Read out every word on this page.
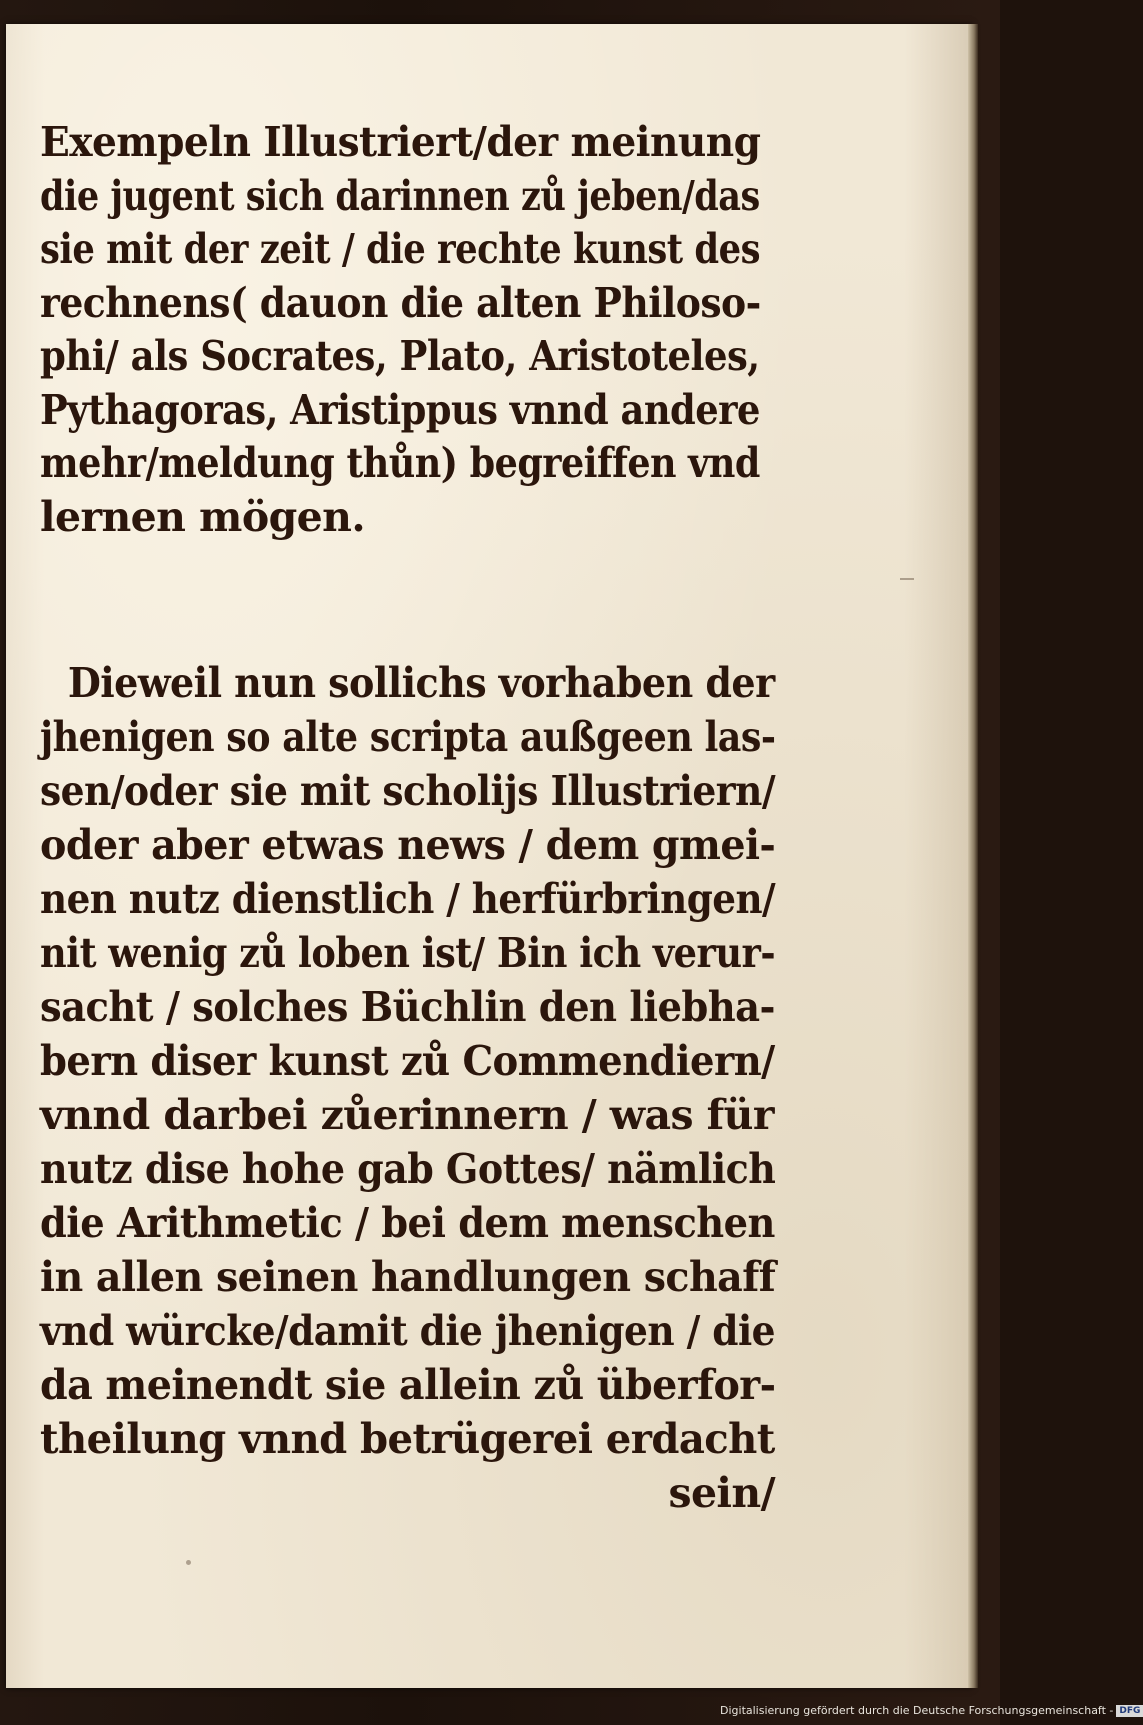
Exempeln Illustriert/der meinung
die jugent sich darinnen zů jeben/das
sie mit der zeit / die rechte kunst des
rechnens( dauon die alten Philoso-
phi/ als Socrates, Plato, Aristoteles,
Pythagoras, Aristippus vnnd andere
mehr/meldung thůn) begreiffen vnd
lernen mögen.
Dieweil nun sollichs vorhaben der
jhenigen so alte scripta außgeen las-
sen/oder sie mit scholijs Illustriern/
oder aber etwas news / dem gmei-
nen nutz dienstlich / herfürbringen/
nit wenig zů loben ist/ Bin ich verur-
sacht / solches Büchlin den liebha-
bern diser kunst zů Commendiern/
vnnd darbei zůerinnern / was für
nutz dise hohe gab Gottes/ nämlich
die Arithmetic / bei dem menschen
in allen seinen handlungen schaff
vnd würcke/damit die jhenigen / die
da meinendt sie allein zů überfor-
theilung vnnd betrügerei erdacht
sein/
Digitalisierung gefördert durch die Deutsche Forschungsgemeinschaft - DFG
